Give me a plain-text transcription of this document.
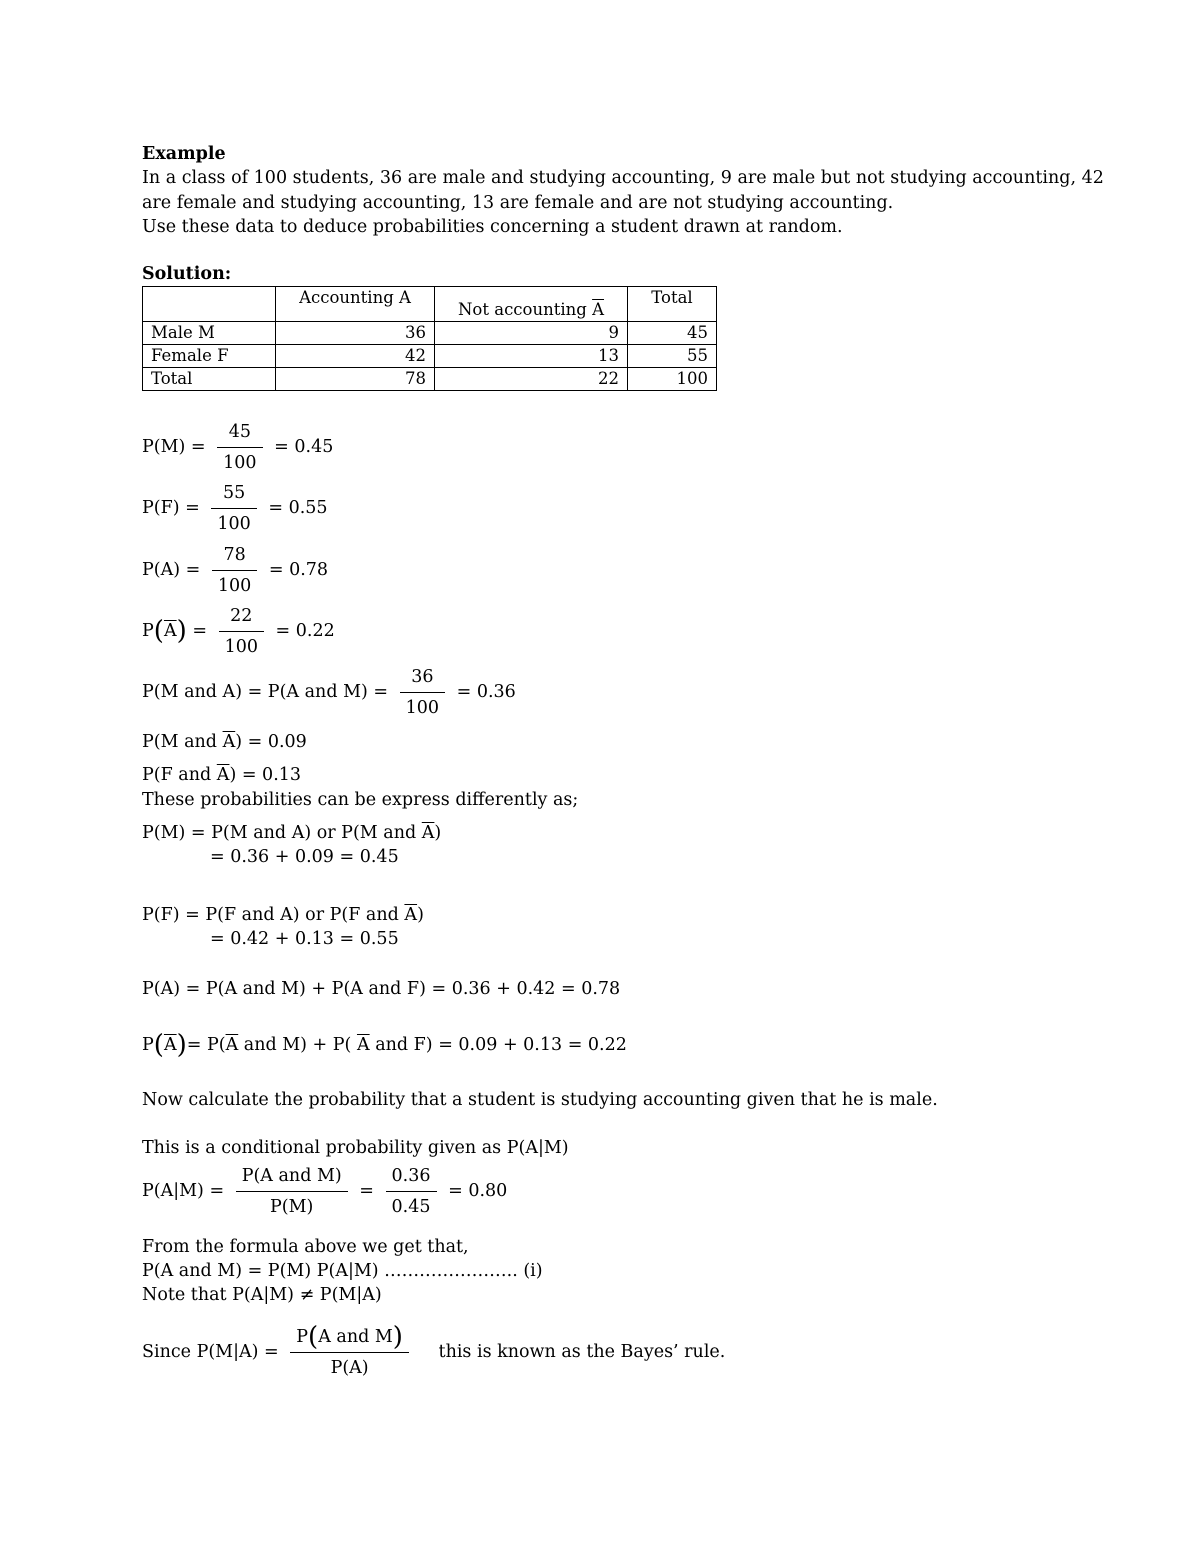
Example
In a class of 100 students, 36 are male and studying accounting, 9 are male but not studying accounting, 42
are female and studying accounting, 13 are female and are not studying accounting.
Use these data to deduce probabilities concerning a student drawn at random.
Solution:
	Accounting A	Not accounting $\overline{A}$	Total
Male M	36	9	45
Female F	42	13	55
Total	78	22	100
$P(M) = \frac{45}{100} = 0.45$
$P(F) = \frac{55}{100} = 0.55$
$P(A) = \frac{78}{100} = 0.78$
$P(\overline{A}) = \frac{22}{100} = 0.22$
P(M and A) = P(A and $M) = \frac{36}{100} = 0.36$
P(M and $\overline{A}) = 0.09$
P(F and $\overline{A}) = 0.13$
These probabilities can be express differently as;
P(M) = P(M and A) or P(M and $\overline{A}$)
= 0.36 + 0.09 = 0.45
P(F) = P(F and A) or P(F and $\overline{A}$)
= 0.42 + 0.13 = 0.55
P(A) = P(A and M) + P(A and F) = 0.36 + 0.42 = 0.78
$P(\overline{A})= P(\overline{A}$ and M) + P( $\overline{A}$ and F) = 0.09 + 0.13 = 0.22
Now calculate the probability that a student is studying accounting given that he is male.
This is a conditional probability given as P(A|M)
P(A|M) =
P(A and M)
P(M)
= $\frac{0.36}{0.45} = 0.80$
From the formula above we get that,
P(A and M) = P(M) P(A|M) ………………….. (i)
Note that P(A|M) ≠ P(M|A)
Since P(M|A) =
P(A and M)
P(A)
this is known as the Bayes’ rule.
